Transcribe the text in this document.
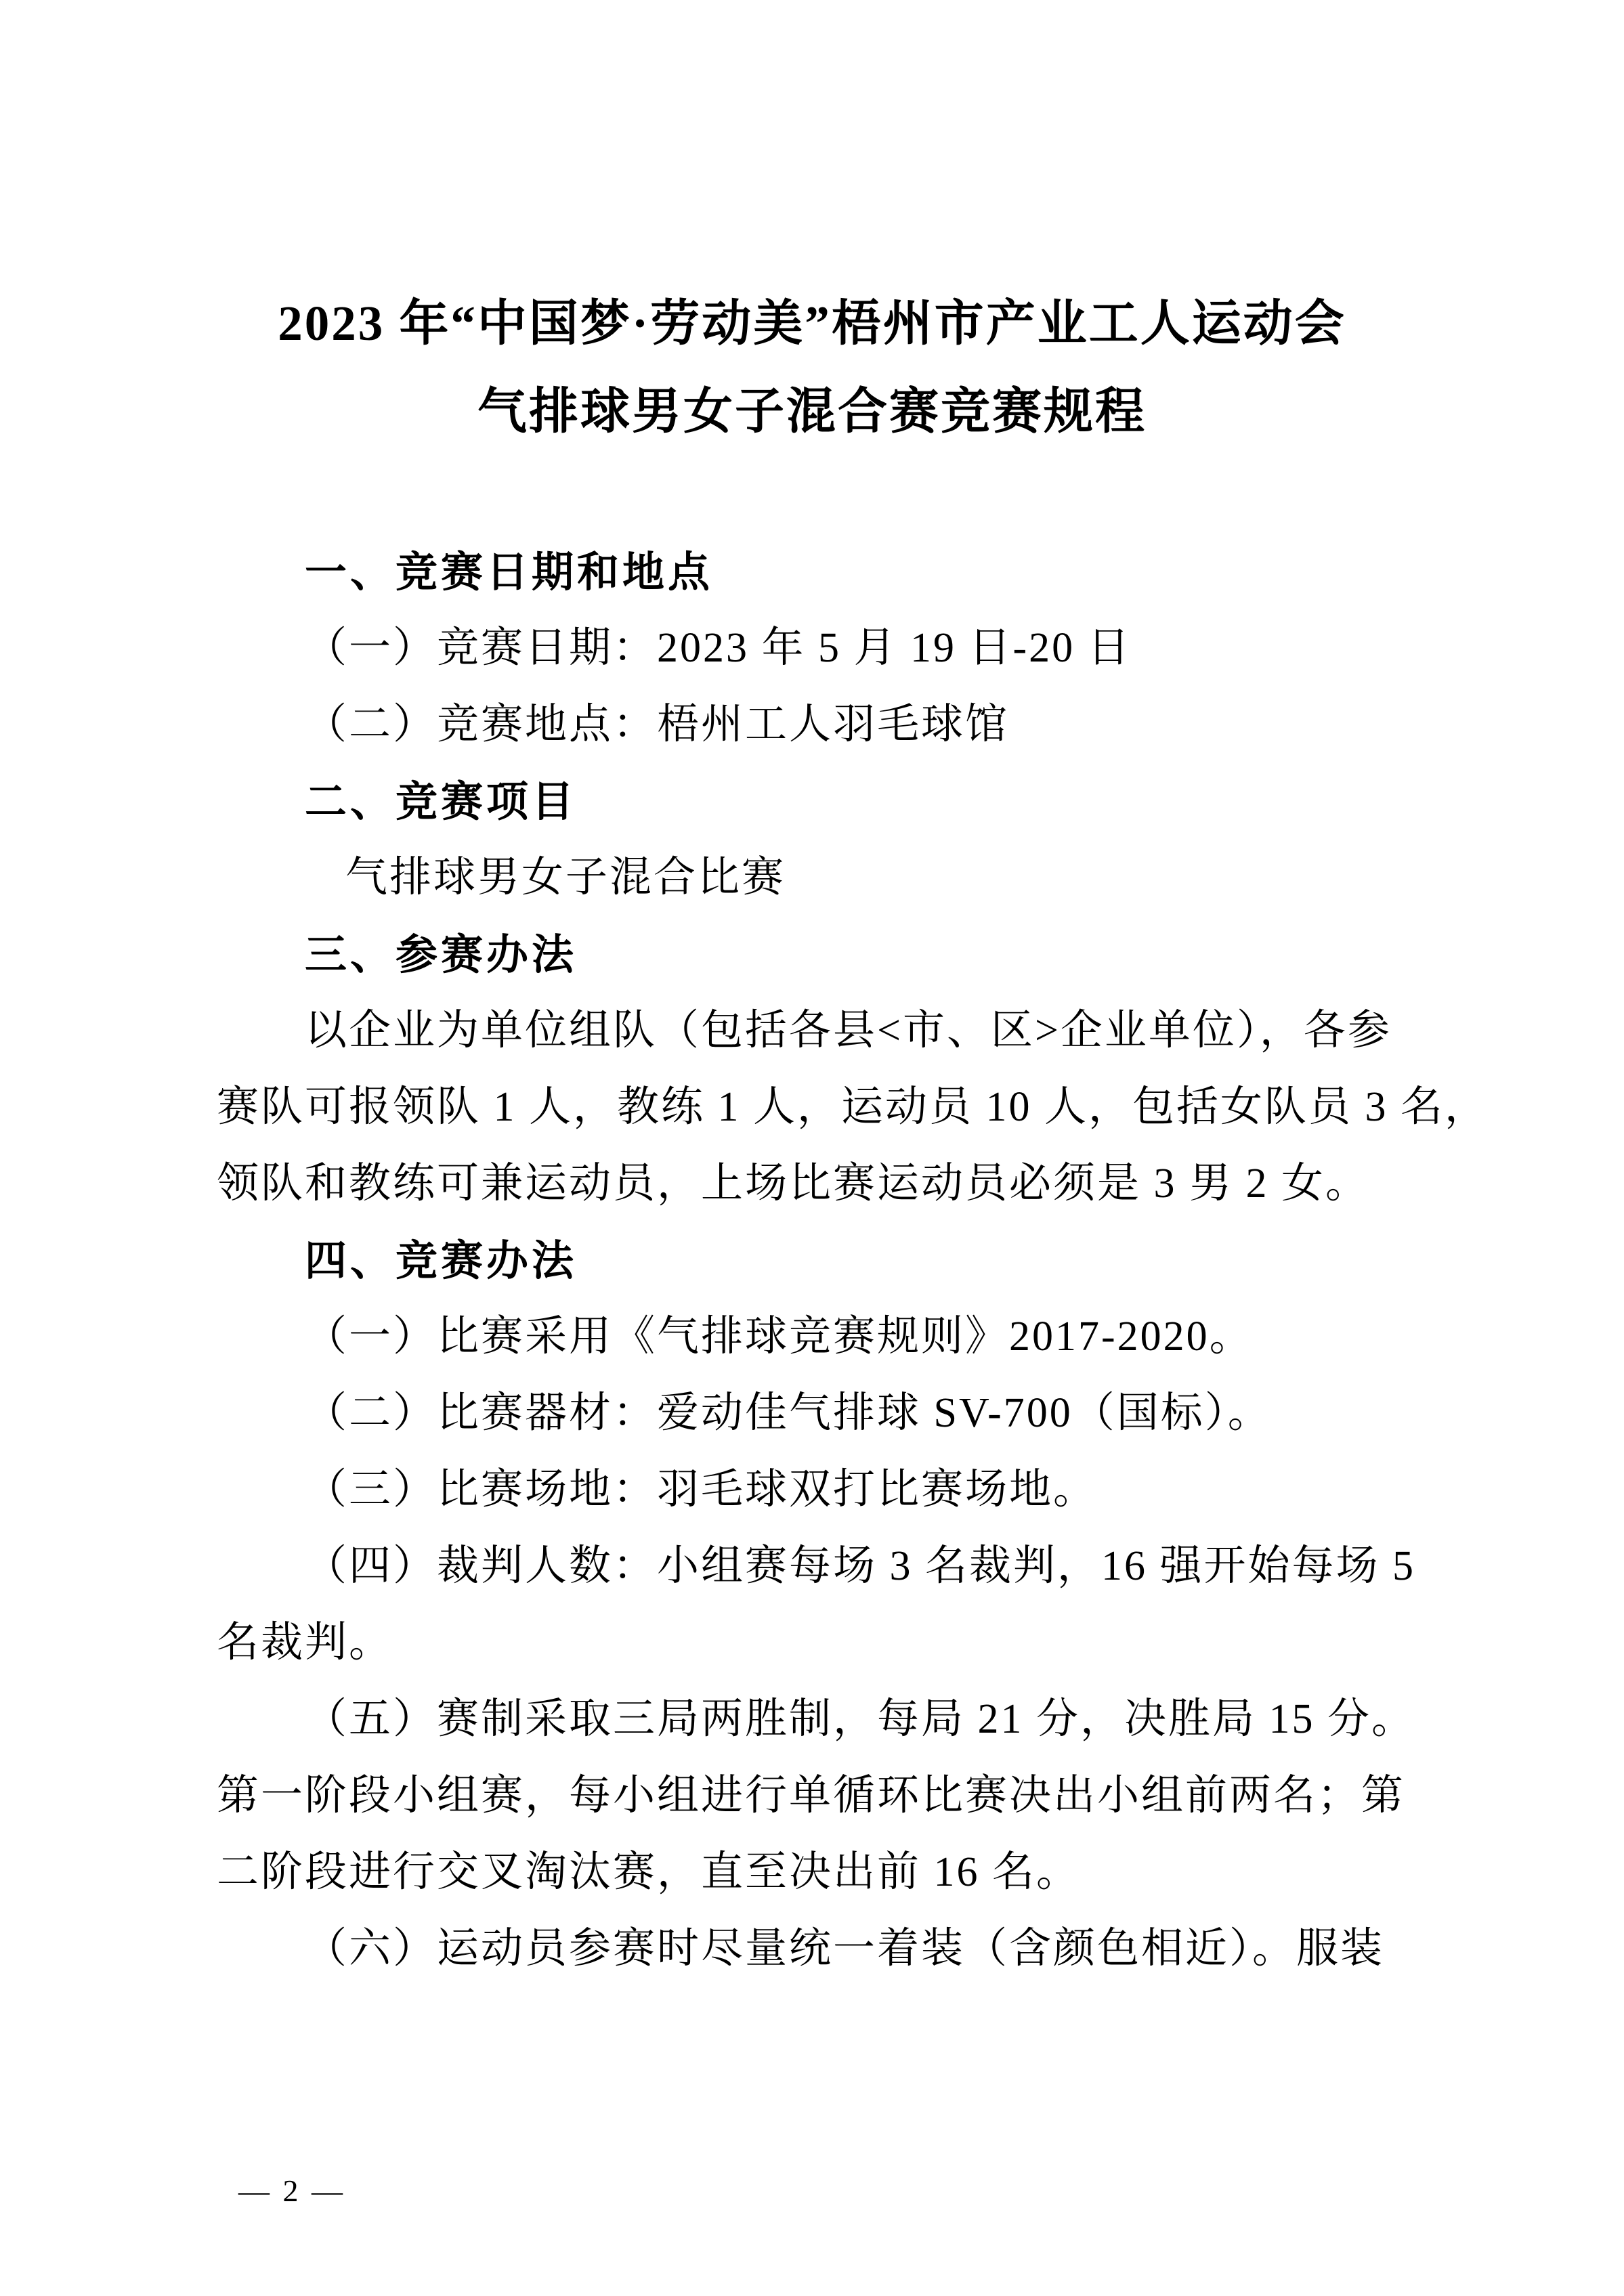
2023 年“中国梦·劳动美”梧州市产业工人运动会
气排球男女子混合赛竞赛规程
一、竞赛日期和地点
（一）竞赛日期：2023 年 5 月 19 日-20 日
（二）竞赛地点：梧州工人羽毛球馆
二、竞赛项目
气排球男女子混合比赛
三、参赛办法
以企业为单位组队（包括各县<市、区>企业单位），各参
赛队可报领队 1 人，教练 1 人，运动员 10 人，包括女队员 3 名，
领队和教练可兼运动员，上场比赛运动员必须是 3 男 2 女。
四、竞赛办法
（一）比赛采用《气排球竞赛规则》2017-2020。
（二）比赛器材：爱动佳气排球 SV-700（国标）。
（三）比赛场地：羽毛球双打比赛场地。
（四）裁判人数：小组赛每场 3 名裁判，16 强开始每场 5
名裁判。
（五）赛制采取三局两胜制，每局 21 分，决胜局 15 分。
第一阶段小组赛，每小组进行单循环比赛决出小组前两名；第
二阶段进行交叉淘汰赛，直至决出前 16 名。
（六）运动员参赛时尽量统一着装（含颜色相近）。服装

— 2 —
